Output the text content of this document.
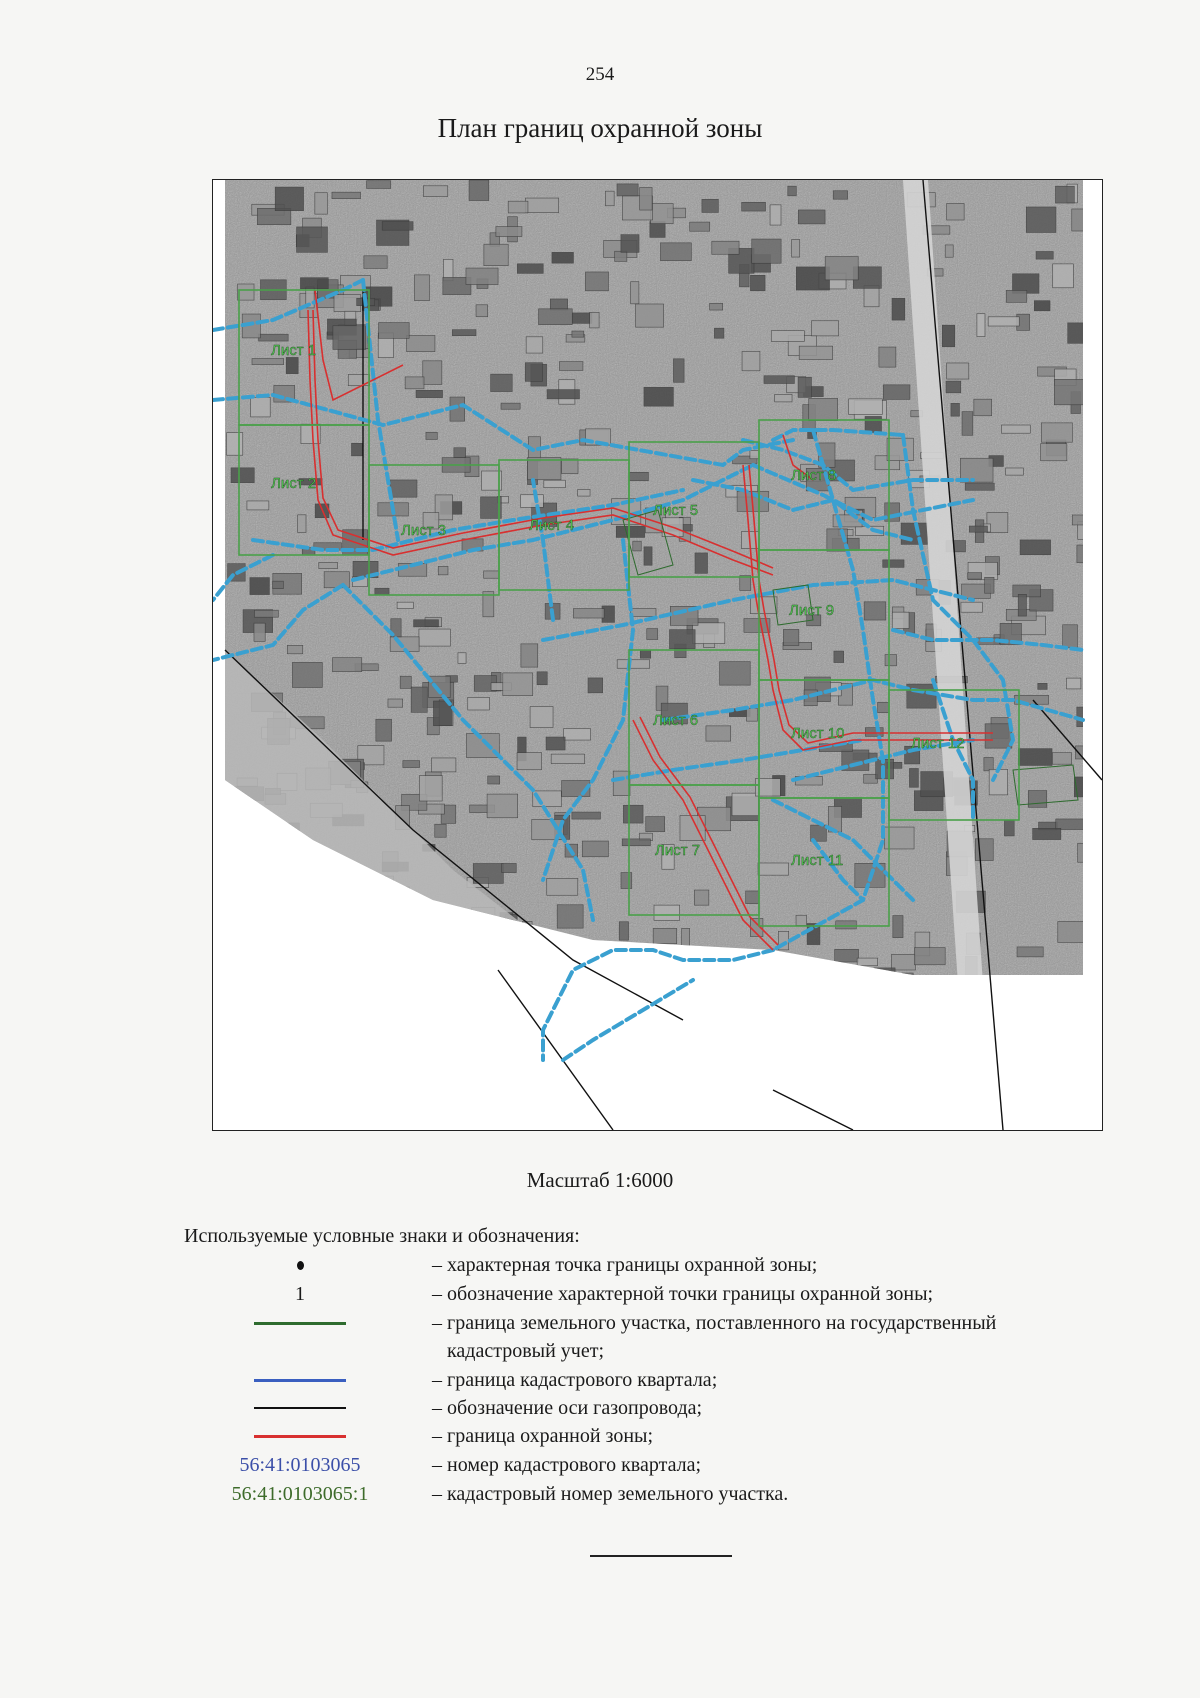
254
План границ охранной зоны
Лист 1
Лист 2
Лист 3	Лист 4
Лист 5
Лист 6
Лист 7
Лист 8
Лист 9
Лист 10
Лист 11
Лист 12
Масштаб 1:6000
Используемые условные знаки и обозначения:
– характерная точка границы охранной зоны;
1	– обозначение характерной точки границы охранной зоны;
– граница земельного участка, поставленного на государственный
кадастровый учет;
– граница кадастрового квартала;
– обозначение оси газопровода;
– граница охранной зоны;
56:41:0103065	– номер кадастрового квартала;
56:41:0103065:1	– кадастровый номер земельного участка.
